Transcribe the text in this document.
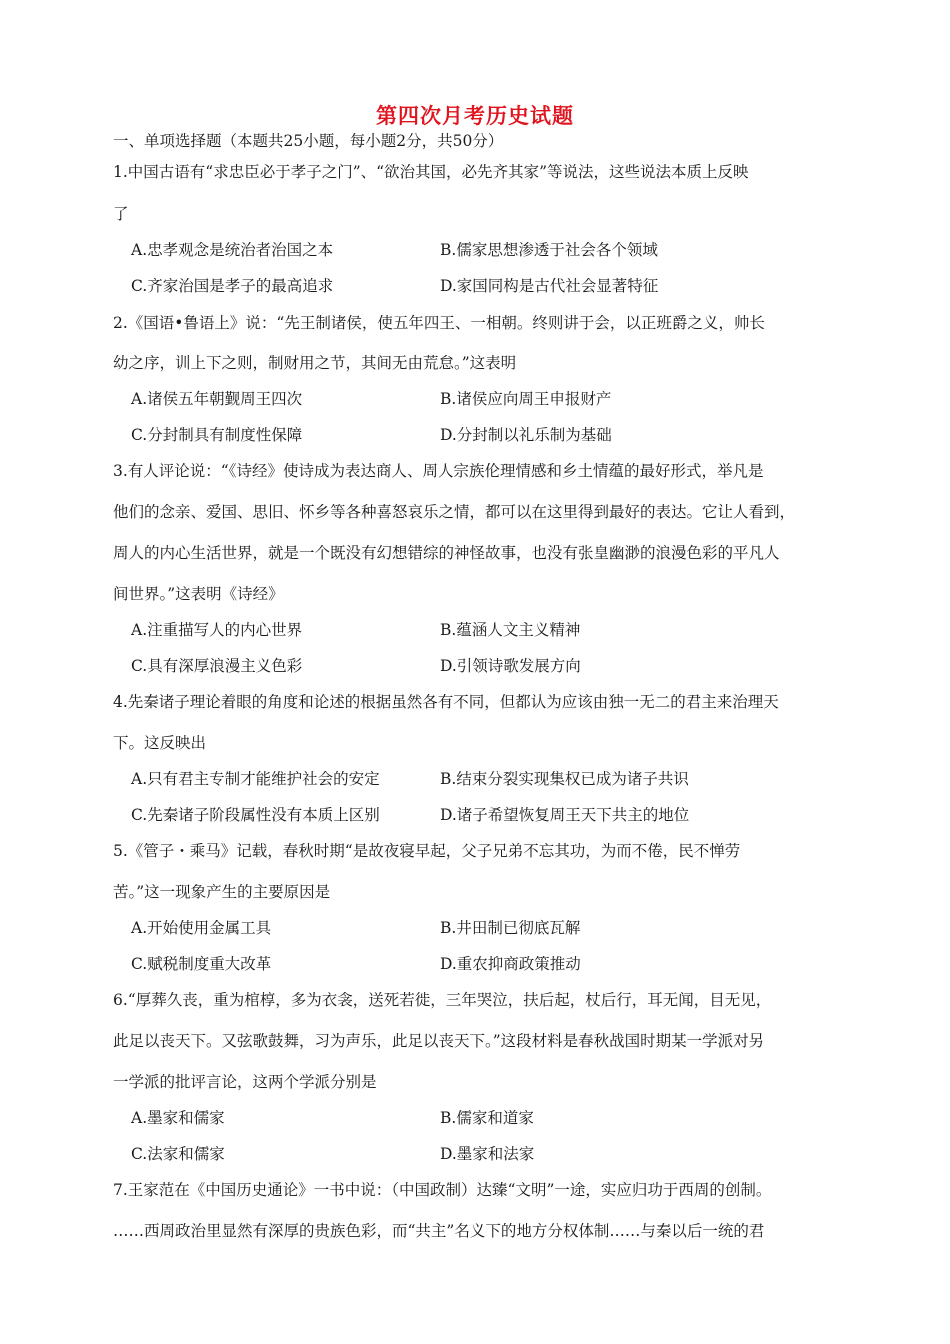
第四次月考历史试题
一、单项选择题（本题共25小题，每小题2分，共50分）
1.中国古语有“求忠臣必于孝子之门”、“欲治其国，必先齐其家”等说法，这些说法本质上反映
了
A.忠孝观念是统治者治国之本	B.儒家思想渗透于社会各个领域
C.齐家治国是孝子的最高追求	D.家国同构是古代社会显著特征
2.《国语•鲁语上》说：“先王制诸侯，使五年四王、一相朝。终则讲于会，以正班爵之义，帅长
幼之序，训上下之则，制财用之节，其间无由荒怠。”这表明
A.诸侯五年朝觐周王四次	B.诸侯应向周王申报财产
C.分封制具有制度性保障	D.分封制以礼乐制为基础
3.有人评论说：“《诗经》使诗成为表达商人、周人宗族伦理情感和乡土情蕴的最好形式，举凡是
他们的念亲、爱国、思旧、怀乡等各种喜怒哀乐之情，都可以在这里得到最好的表达。它让人看到，
周人的内心生活世界，就是一个既没有幻想错综的神怪故事，也没有张皇幽渺的浪漫色彩的平凡人
间世界。”这表明《诗经》
A.注重描写人的内心世界	B.蕴涵人文主义精神
C.具有深厚浪漫主义色彩	D.引领诗歌发展方向
4.先秦诸子理论着眼的角度和论述的根据虽然各有不同，但都认为应该由独一无二的君主来治理天
下。这反映出
A.只有君主专制才能维护社会的安定	B.结束分裂实现集权已成为诸子共识
C.先秦诸子阶段属性没有本质上区别	D.诸子希望恢复周王天下共主的地位
5.《管子・乘马》记载，春秋时期“是故夜寝早起，父子兄弟不忘其功，为而不倦，民不惮劳
苦。”这一现象产生的主要原因是
A.开始使用金属工具	B.井田制已彻底瓦解
C.赋税制度重大改革	D.重农抑商政策推动
6.“厚葬久丧，重为棺椁，多为衣衾，送死若徙，三年哭泣，扶后起，杖后行，耳无闻，目无见，
此足以丧天下。又弦歌鼓舞，习为声乐，此足以丧天下。”这段材料是春秋战国时期某一学派对另
一学派的批评言论，这两个学派分别是
A.墨家和儒家	B.儒家和道家
C.法家和儒家	D.墨家和法家
7.王家范在《中国历史通论》一书中说：（中国政制）达臻“文明”一途，实应归功于西周的创制。
……西周政治里显然有深厚的贵族色彩，而“共主”名义下的地方分权体制……与秦以后一统的君
